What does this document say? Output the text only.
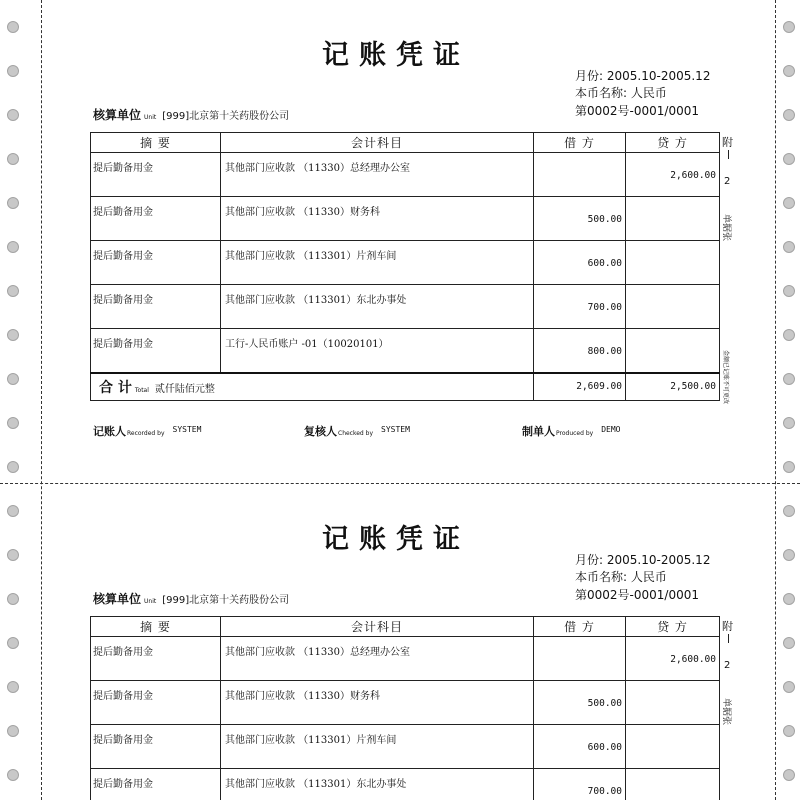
记账凭证
月份: 2005.10-2005.12
本币名称: 人民币
第0002号-0001/0001
核算单位 Unit [999]北京第十关药股份公司
摘 要	会计科目	借 方	贷 方
提后勤备用金	其他部门应收款 （11330）总经理办公室		2,600.00
提后勤备用金	其他部门应收款 （11330）财务科	500.00	
提后勤备用金	其他部门应收款 （113301）片剂车间	600.00	
提后勤备用金	其他部门应收款 （113301）东北办事处	700.00	
提后勤备用金	工行-人民币账户 -01（10020101）	800.00	
合 计 Total 贰仟陆佰元整		2,609.00	2,500.00
附
2
单据张
金额已记账不可更改
记账人Recorded by SYSTEM	复核人Checked by SYSTEM	制单人Produced by DEMO
记账凭证
月份: 2005.10-2005.12
本币名称: 人民币
第0002号-0001/0001
核算单位 Unit [999]北京第十关药股份公司
摘 要	会计科目	借 方	贷 方
提后勤备用金	其他部门应收款 （11330）总经理办公室		2,600.00
提后勤备用金	其他部门应收款 （11330）财务科	500.00	
提后勤备用金	其他部门应收款 （113301）片剂车间	600.00	
提后勤备用金	其他部门应收款 （113301）东北办事处	700.00	
附
2
单据张
